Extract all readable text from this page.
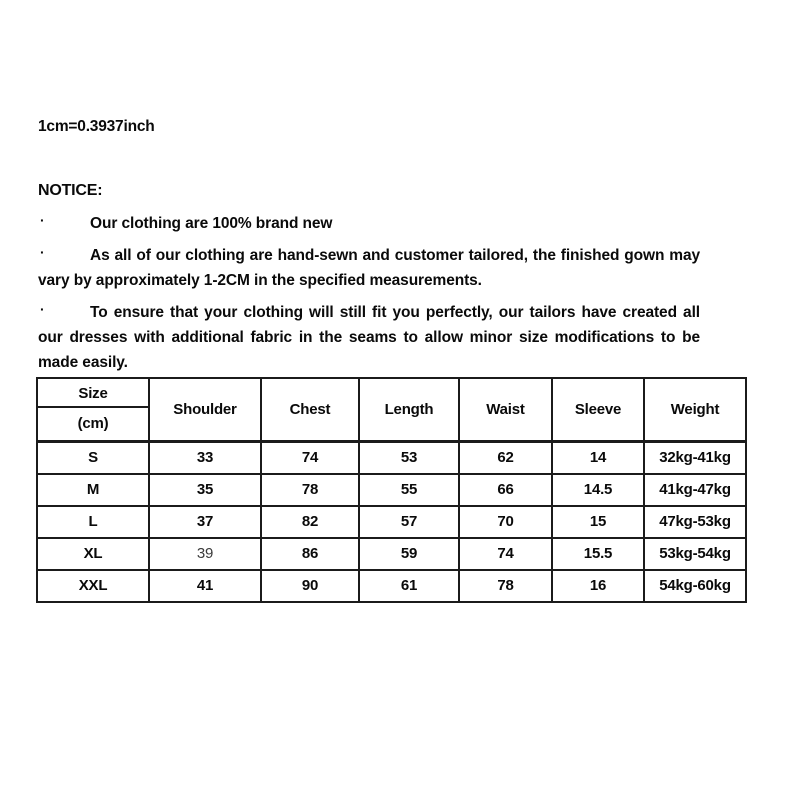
1cm=0.3937inch
NOTICE:

·	Our clothing are 100% brand new

·	As all of our clothing are hand-sewn and customer tailored, the finished gown may vary by approximately 1-2CM in the specified measurements.

·	To ensure that your clothing will still fit you perfectly, our tailors have created all our dresses with additional fabric in the seams to allow minor size modifications to be made easily.

Size
(cm)	Shoulder	Chest	Length	Waist	Sleeve	Weight
S	33	74	53	62	14	32kg-41kg
M	35	78	55	66	14.5	41kg-47kg
L	37	82	57	70	15	47kg-53kg
XL	39	86	59	74	15.5	53kg-54kg
XXL	41	90	61	78	16	54kg-60kg
